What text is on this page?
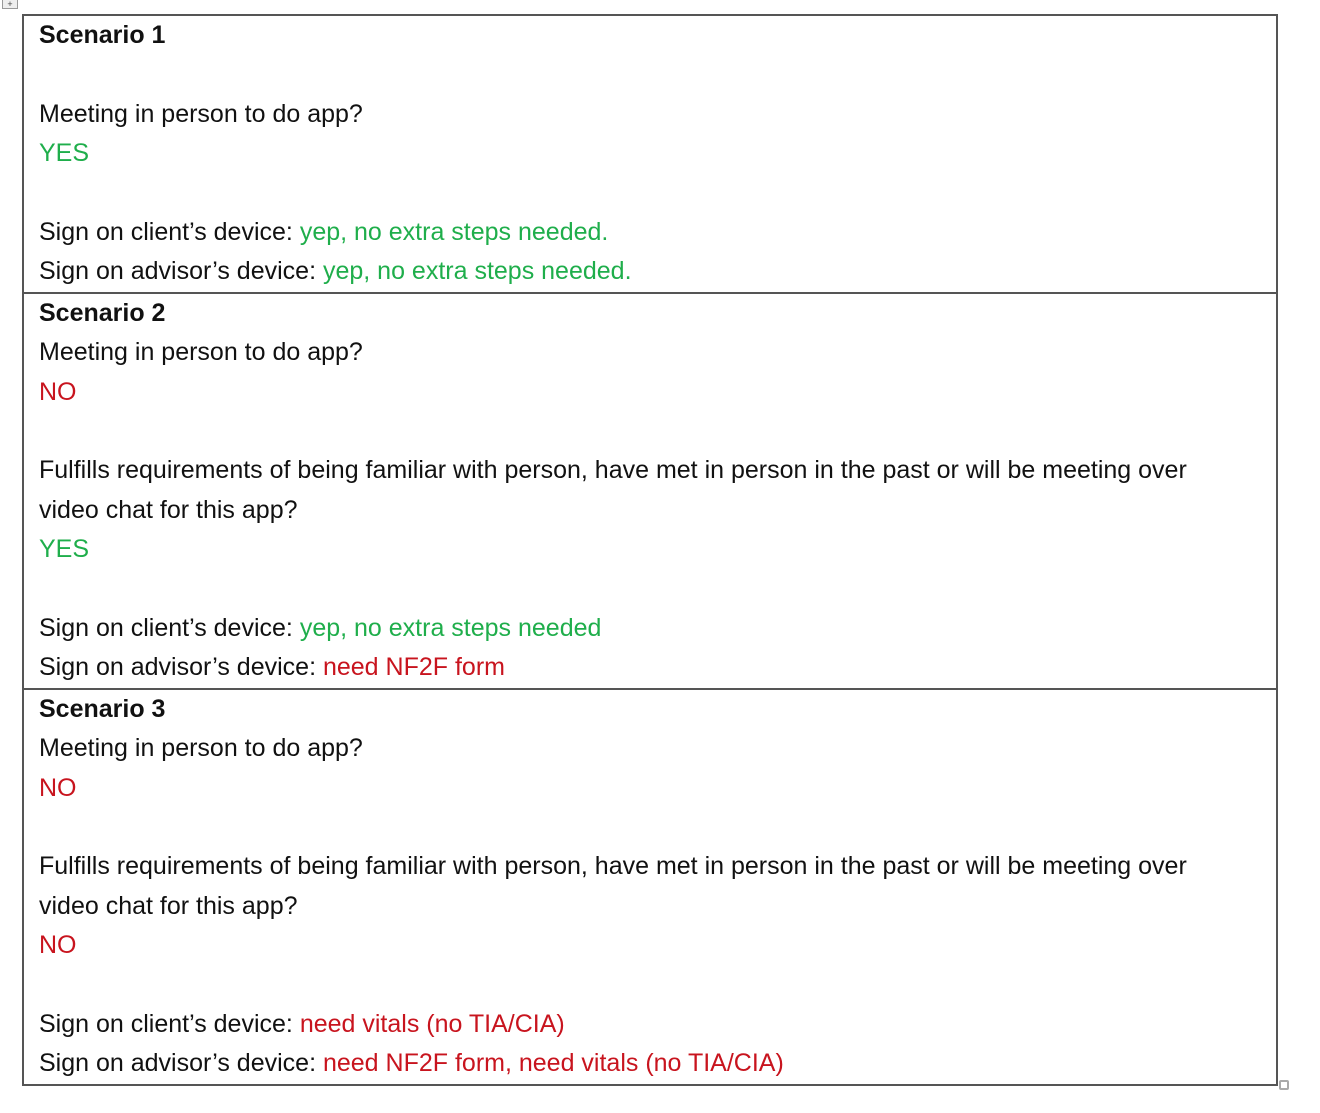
+
Scenario 1
Meeting in person to do app?
YES
Sign on client’s device: yep, no extra steps needed.
Sign on advisor’s device: yep, no extra steps needed.

Scenario 2
Meeting in person to do app?
NO
Fulfills requirements of being familiar with person, have met in person in the past or will be meeting over video chat for this app?
YES
Sign on client’s device: yep, no extra steps needed
Sign on advisor’s device: need NF2F form

Scenario 3
Meeting in person to do app?
NO
Fulfills requirements of being familiar with person, have met in person in the past or will be meeting over video chat for this app?
NO
Sign on client’s device: need vitals (no TIA/CIA)
Sign on advisor’s device: need NF2F form, need vitals (no TIA/CIA)
